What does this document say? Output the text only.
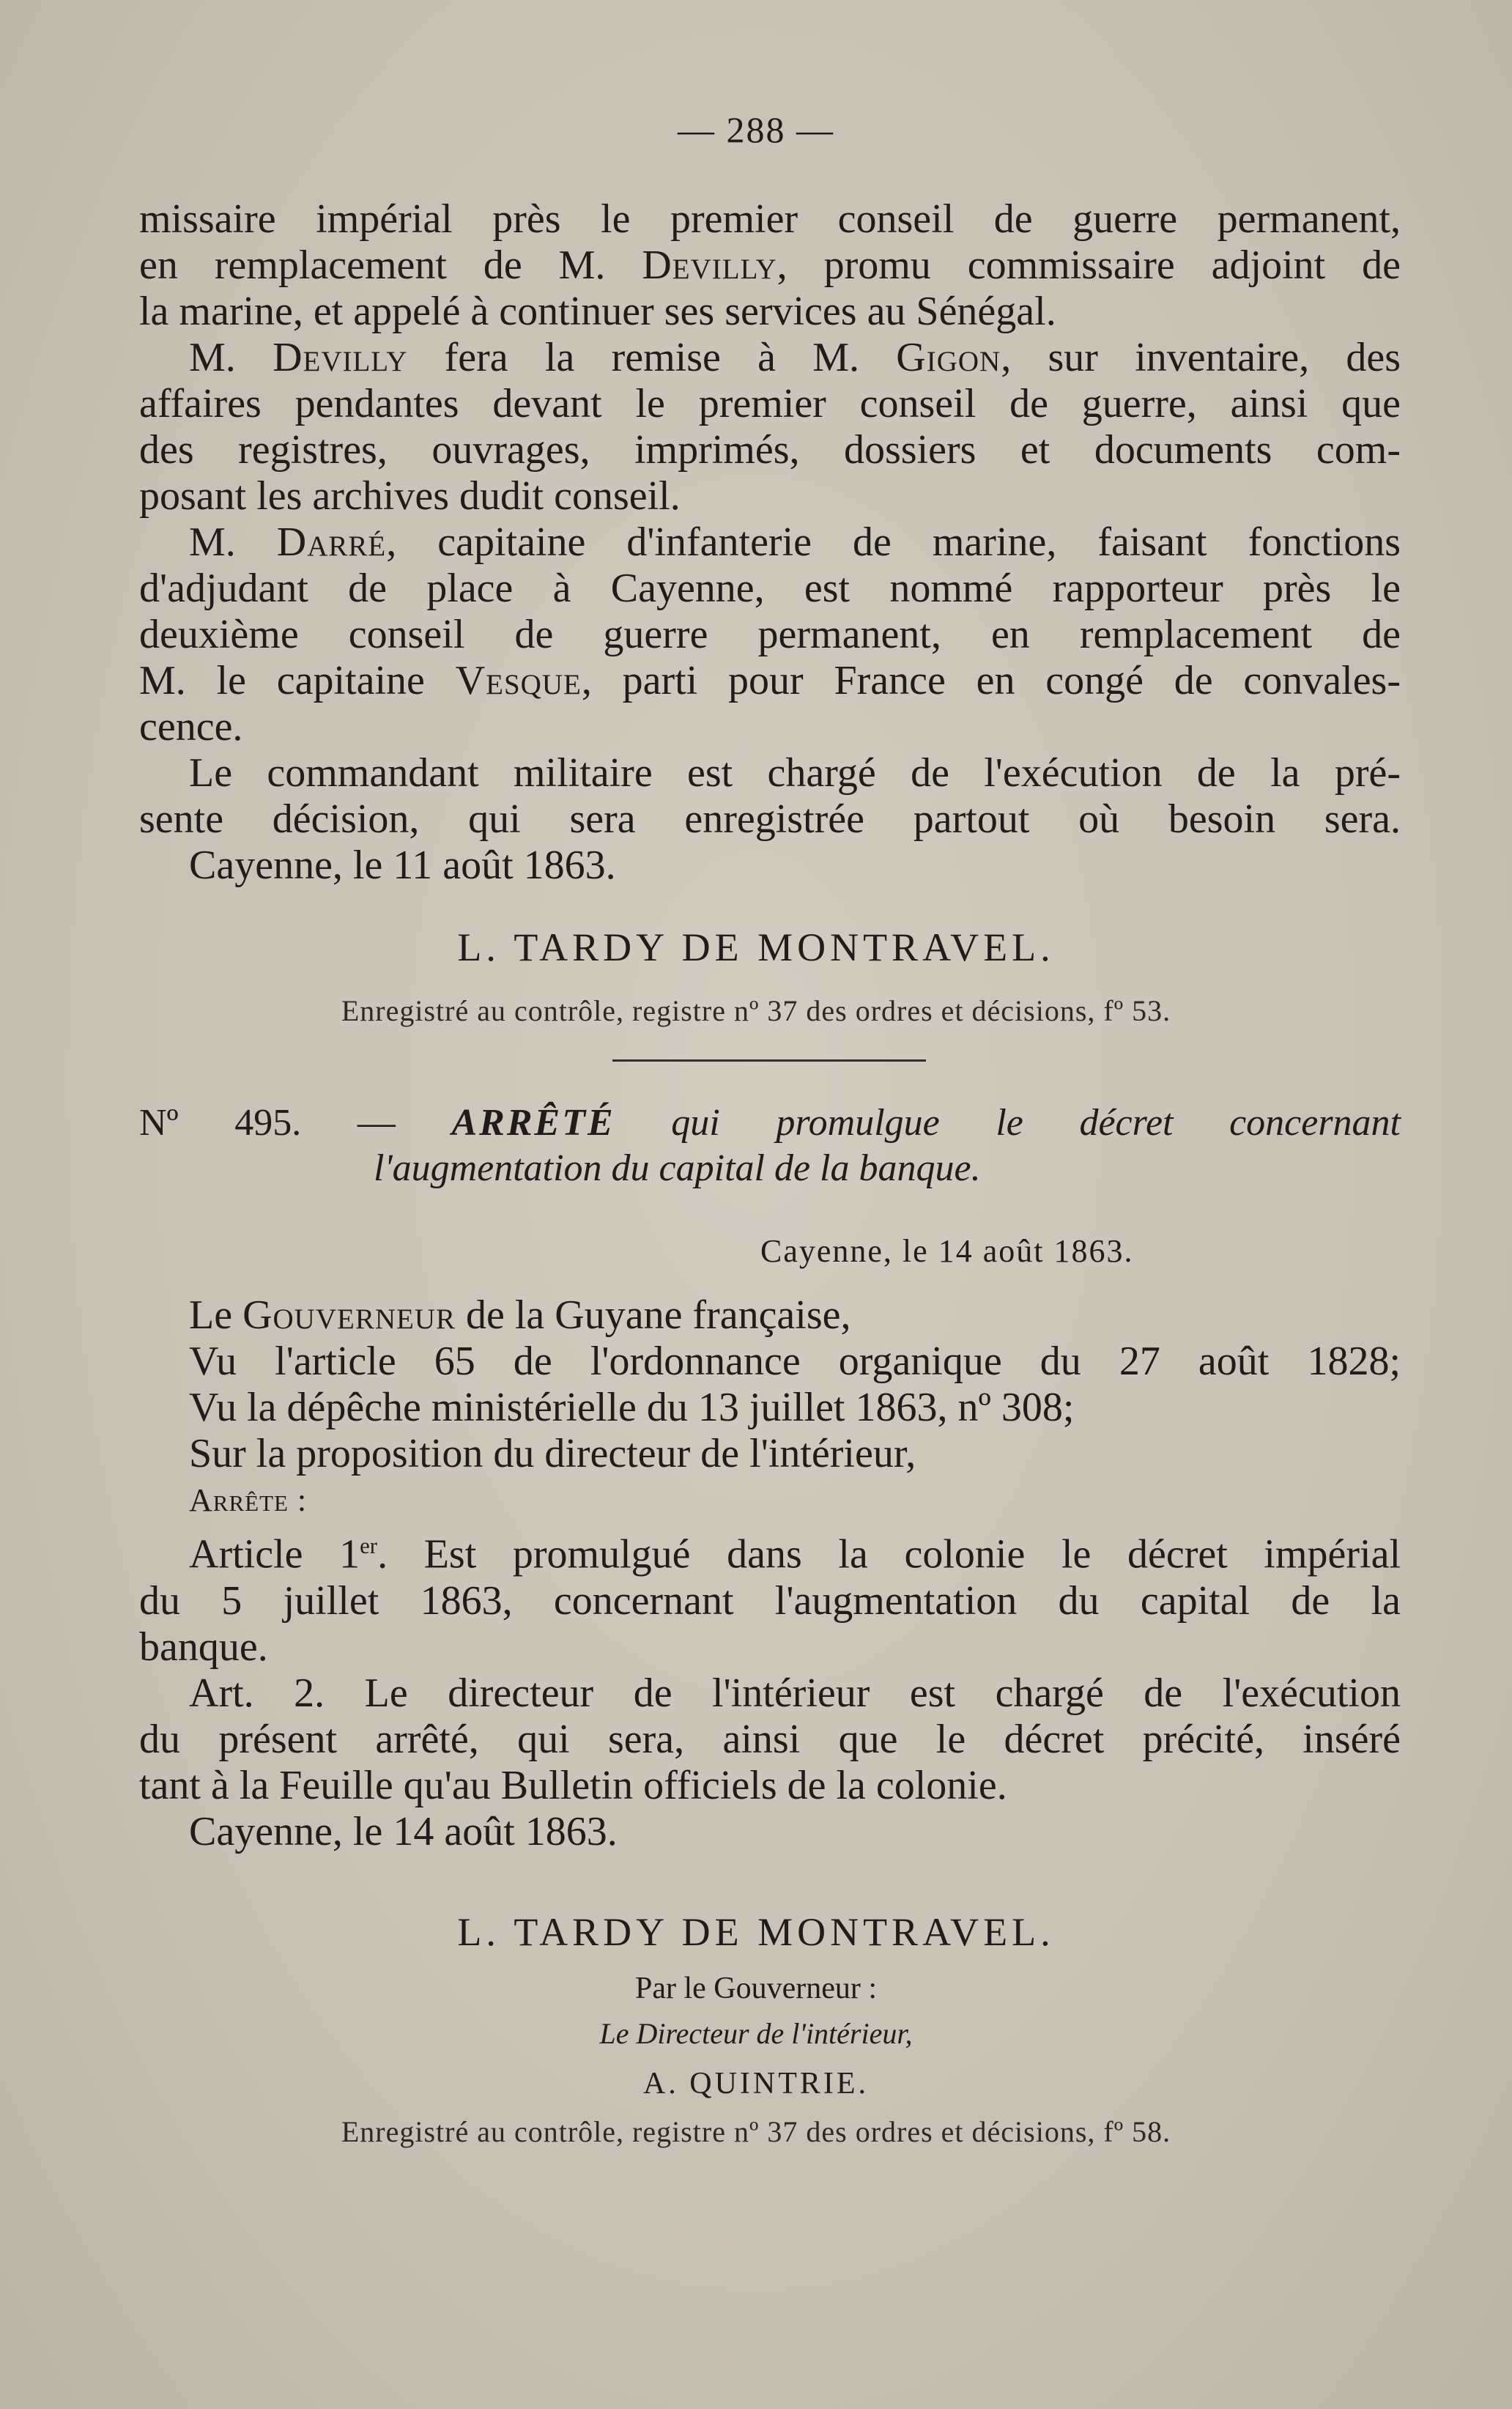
— 288 —
missaire impérial près le premier conseil de guerre permanent,
en remplacement de M. Devilly, promu commissaire adjoint de
la marine, et appelé à continuer ses services au Sénégal.
M. Devilly fera la remise à M. Gigon, sur inventaire, des
affaires pendantes devant le premier conseil de guerre, ainsi que
des registres, ouvrages, imprimés, dossiers et documents com-
posant les archives dudit conseil.
M. Darré, capitaine d'infanterie de marine, faisant fonctions
d'adjudant de place à Cayenne, est nommé rapporteur près le
deuxième conseil de guerre permanent, en remplacement de
M. le capitaine Vesque, parti pour France en congé de convales-
cence.
Le commandant militaire est chargé de l'exécution de la pré-
sente décision, qui sera enregistrée partout où besoin sera.
Cayenne, le 11 août 1863.
L. TARDY DE MONTRAVEL.
Enregistré au contrôle, registre nº 37 des ordres et décisions, fº 53.
Nº 495. — ARRÊTÉ qui promulgue le décret concernant
l'augmentation du capital de la banque.
Cayenne, le 14 août 1863.
Le Gouverneur de la Guyane française,
Vu l'article 65 de l'ordonnance organique du 27 août 1828;
Vu la dépêche ministérielle du 13 juillet 1863, nº 308;
Sur la proposition du directeur de l'intérieur,
Arrête :
Article 1er. Est promulgué dans la colonie le décret impérial
du 5 juillet 1863, concernant l'augmentation du capital de la
banque.
Art. 2. Le directeur de l'intérieur est chargé de l'exécution
du présent arrêté, qui sera, ainsi que le décret précité, inséré
tant à la Feuille qu'au Bulletin officiels de la colonie.
Cayenne, le 14 août 1863.
L. TARDY DE MONTRAVEL.
Par le Gouverneur :
Le Directeur de l'intérieur,
A. QUINTRIE.
Enregistré au contrôle, registre nº 37 des ordres et décisions, fº 58.
